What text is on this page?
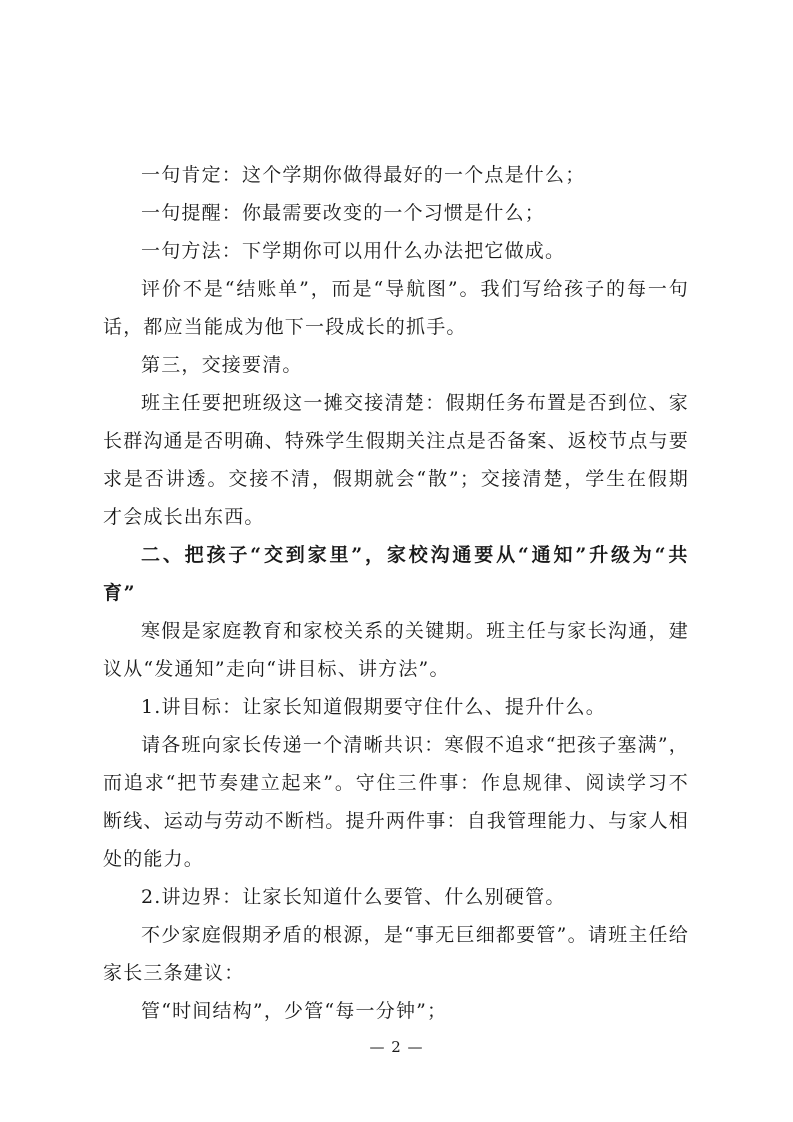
一句肯定：这个学期你做得最好的一个点是什么；

一句提醒：你最需要改变的一个习惯是什么；

一句方法：下学期你可以用什么办法把它做成。

评价不是“结账单”，而是“导航图”。我们写给孩子的每一句话，都应当能成为他下一段成长的抓手。

第三，交接要清。

班主任要把班级这一摊交接清楚：假期任务布置是否到位、家长群沟通是否明确、特殊学生假期关注点是否备案、返校节点与要求是否讲透。交接不清，假期就会“散”；交接清楚，学生在假期才会成长出东西。

二、把孩子“交到家里”，家校沟通要从“通知”升级为“共育”

寒假是家庭教育和家校关系的关键期。班主任与家长沟通，建议从“发通知”走向“讲目标、讲方法”。

1.讲目标：让家长知道假期要守住什么、提升什么。

请各班向家长传递一个清晰共识：寒假不追求“把孩子塞满”，而追求“把节奏建立起来”。守住三件事：作息规律、阅读学习不断线、运动与劳动不断档。提升两件事：自我管理能力、与家人相处的能力。

2.讲边界：让家长知道什么要管、什么别硬管。

不少家庭假期矛盾的根源，是“事无巨细都要管”。请班主任给家长三条建议：

管“时间结构”，少管“每一分钟”；

— 2 —
